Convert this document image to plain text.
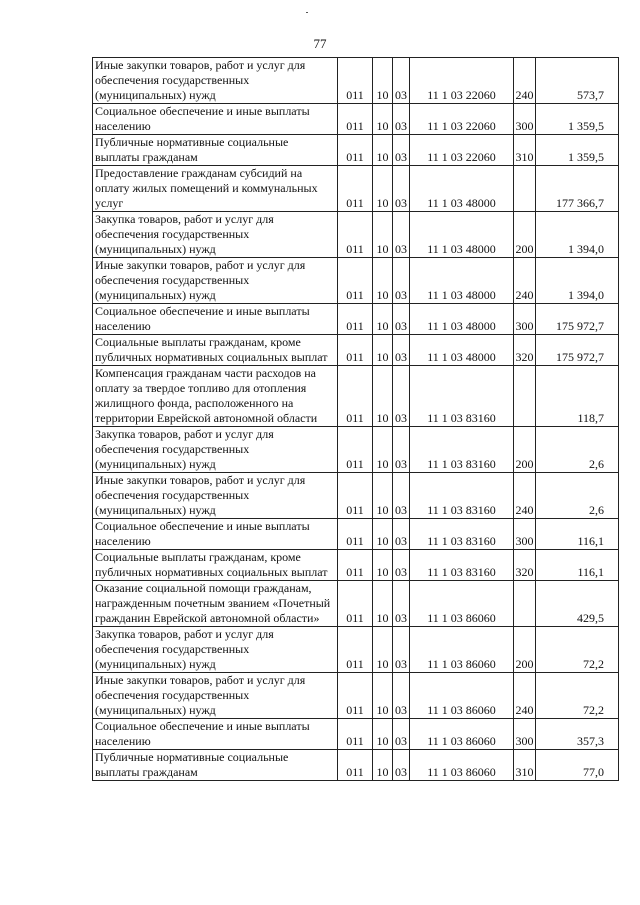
77
Иные закупки товаров, работ и услуг для обеспечения государственных (муниципальных) нужд	011	10	03	11 1 03 22060	240	573,7
Социальное обеспечение и иные выплаты населению	011	10	03	11 1 03 22060	300	1 359,5
Публичные нормативные социальные выплаты гражданам	011	10	03	11 1 03 22060	310	1 359,5
Предоставление гражданам субсидий на оплату жилых помещений и коммунальных услуг	011	10	03	11 1 03 48000		177 366,7
Закупка товаров, работ и услуг для обеспечения государственных (муниципальных) нужд	011	10	03	11 1 03 48000	200	1 394,0
Иные закупки товаров, работ и услуг для обеспечения государственных (муниципальных) нужд	011	10	03	11 1 03 48000	240	1 394,0
Социальное обеспечение и иные выплаты населению	011	10	03	11 1 03 48000	300	175 972,7
Социальные выплаты гражданам, кроме публичных нормативных социальных выплат	011	10	03	11 1 03 48000	320	175 972,7
Компенсация гражданам части расходов на оплату за твердое топливо для отопления жилищного фонда, расположенного на территории Еврейской автономной области	011	10	03	11 1 03 83160		118,7
Закупка товаров, работ и услуг для обеспечения государственных (муниципальных) нужд	011	10	03	11 1 03 83160	200	2,6
Иные закупки товаров, работ и услуг для обеспечения государственных (муниципальных) нужд	011	10	03	11 1 03 83160	240	2,6
Социальное обеспечение и иные выплаты населению	011	10	03	11 1 03 83160	300	116,1
Социальные выплаты гражданам, кроме публичных нормативных социальных выплат	011	10	03	11 1 03 83160	320	116,1
Оказание социальной помощи гражданам, награжденным почетным званием «Почетный гражданин Еврейской автономной области»	011	10	03	11 1 03 86060		429,5
Закупка товаров, работ и услуг для обеспечения государственных (муниципальных) нужд	011	10	03	11 1 03 86060	200	72,2
Иные закупки товаров, работ и услуг для обеспечения государственных (муниципальных) нужд	011	10	03	11 1 03 86060	240	72,2
Социальное обеспечение и иные выплаты населению	011	10	03	11 1 03 86060	300	357,3
Публичные нормативные социальные выплаты гражданам	011	10	03	11 1 03 86060	310	77,0
